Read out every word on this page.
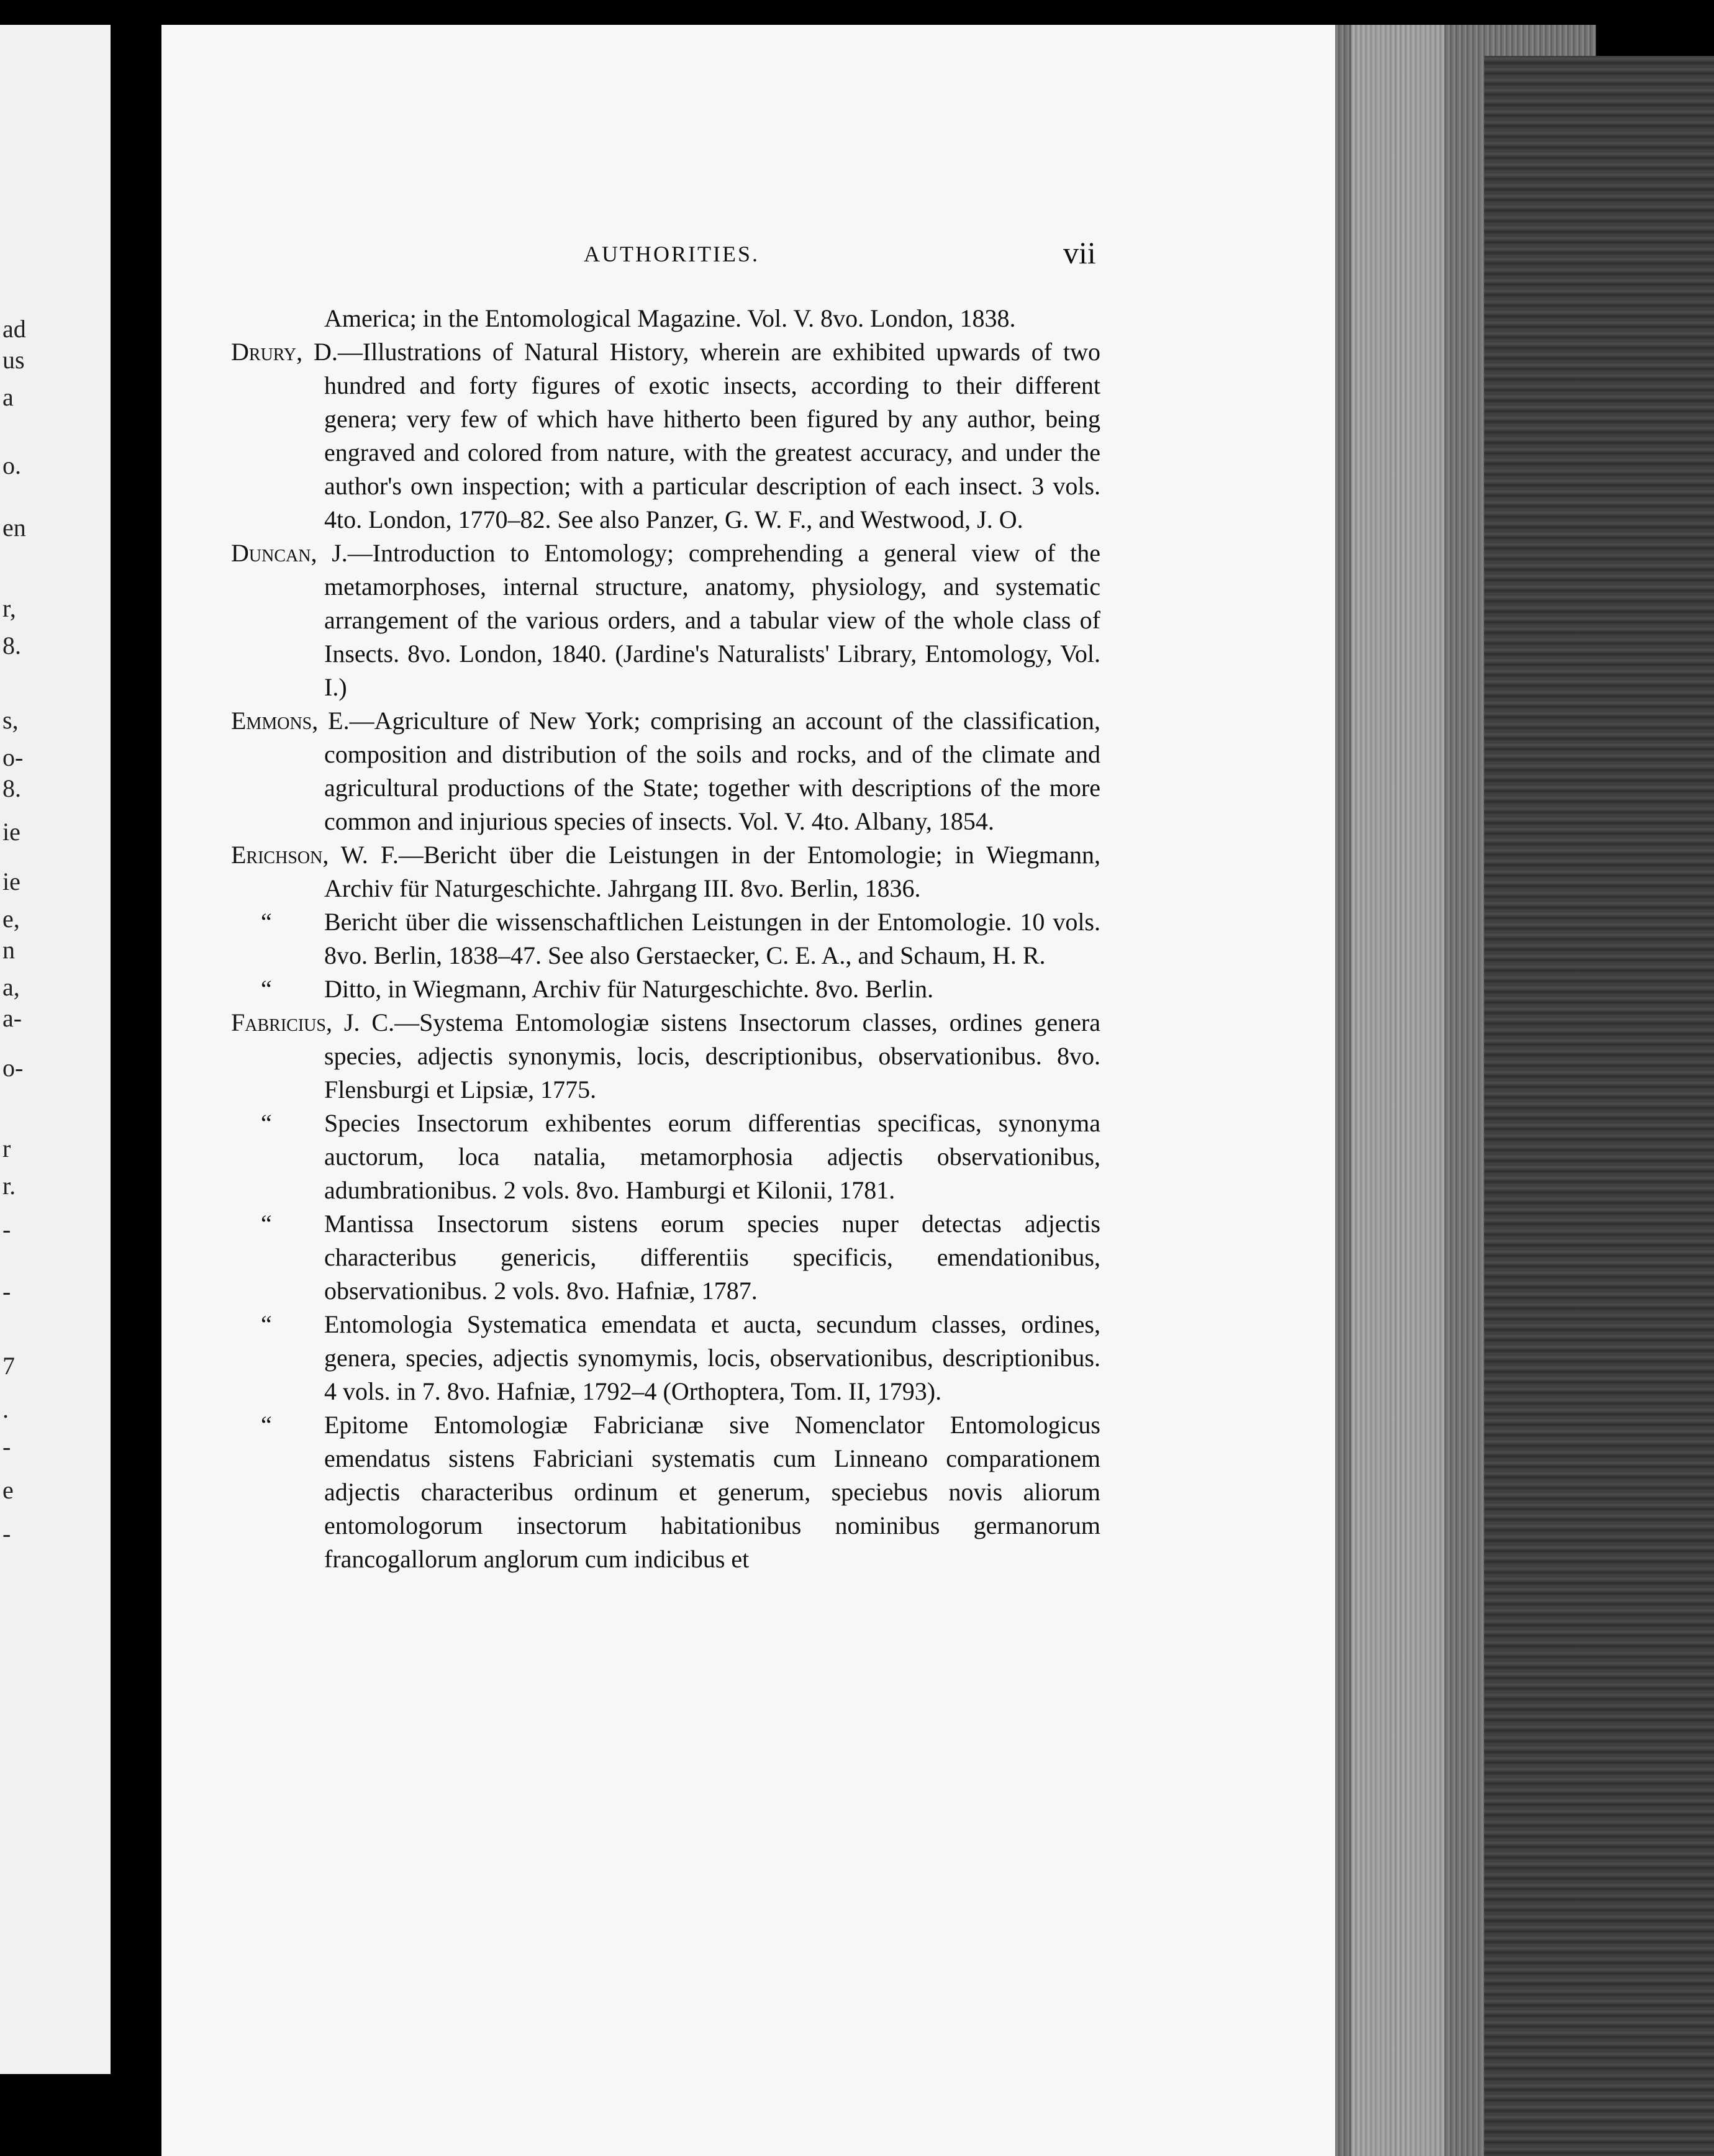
ad
us
a
o.
en
r,
8.
s,
o-
8.
ie
ie
e,
n
a,
a-
o-
r
r.
-
-
7
.
-
e
-
AUTHORITIES.	vii
America; in the Entomological Magazine. Vol. V. 8vo. London, 1838.
Drury, D.—Illustrations of Natural History, wherein are exhibited upwards of two hundred and forty figures of exotic insects, according to their different genera; very few of which have hitherto been figured by any author, being engraved and colored from nature, with the greatest accuracy, and under the author's own inspection; with a particular description of each insect. 3 vols. 4to. London, 1770–82. See also Panzer, G. W. F., and Westwood, J. O.
Duncan, J.—Introduction to Entomology; comprehending a general view of the metamorphoses, internal structure, anatomy, physiology, and systematic arrangement of the various orders, and a tabular view of the whole class of Insects. 8vo. London, 1840. (Jardine's Naturalists' Library, Entomology, Vol. I.)
Emmons, E.—Agriculture of New York; comprising an account of the classification, composition and distribution of the soils and rocks, and of the climate and agricultural productions of the State; together with descriptions of the more common and injurious species of insects. Vol. V. 4to. Albany, 1854.
Erichson, W. F.—Bericht über die Leistungen in der Entomologie; in Wiegmann, Archiv für Naturgeschichte. Jahrgang III. 8vo. Berlin, 1836.
“ Bericht über die wissenschaftlichen Leistungen in der Entomologie. 10 vols. 8vo. Berlin, 1838–47. See also Gerstaecker, C. E. A., and Schaum, H. R.
“ Ditto, in Wiegmann, Archiv für Naturgeschichte. 8vo. Berlin.
Fabricius, J. C.—Systema Entomologiæ sistens Insectorum classes, ordines genera species, adjectis synonymis, locis, descriptionibus, observationibus. 8vo. Flensburgi et Lipsiæ, 1775.
“ Species Insectorum exhibentes eorum differentias specificas, synonyma auctorum, loca natalia, metamorphosia adjectis observationibus, adumbrationibus. 2 vols. 8vo. Hamburgi et Kilonii, 1781.
“ Mantissa Insectorum sistens eorum species nuper detectas adjectis characteribus genericis, differentiis specificis, emendationibus, observationibus. 2 vols. 8vo. Hafniæ, 1787.
“ Entomologia Systematica emendata et aucta, secundum classes, ordines, genera, species, adjectis synomymis, locis, observationibus, descriptionibus. 4 vols. in 7. 8vo. Hafniæ, 1792–4 (Orthoptera, Tom. II, 1793).
“ Epitome Entomologiæ Fabricianæ sive Nomenclator Entomologicus emendatus sistens Fabriciani systematis cum Linneano comparationem adjectis characteribus ordinum et generum, speciebus novis aliorum entomologorum insectorum habitationibus nominibus germanorum francogallorum anglorum cum indicibus et
